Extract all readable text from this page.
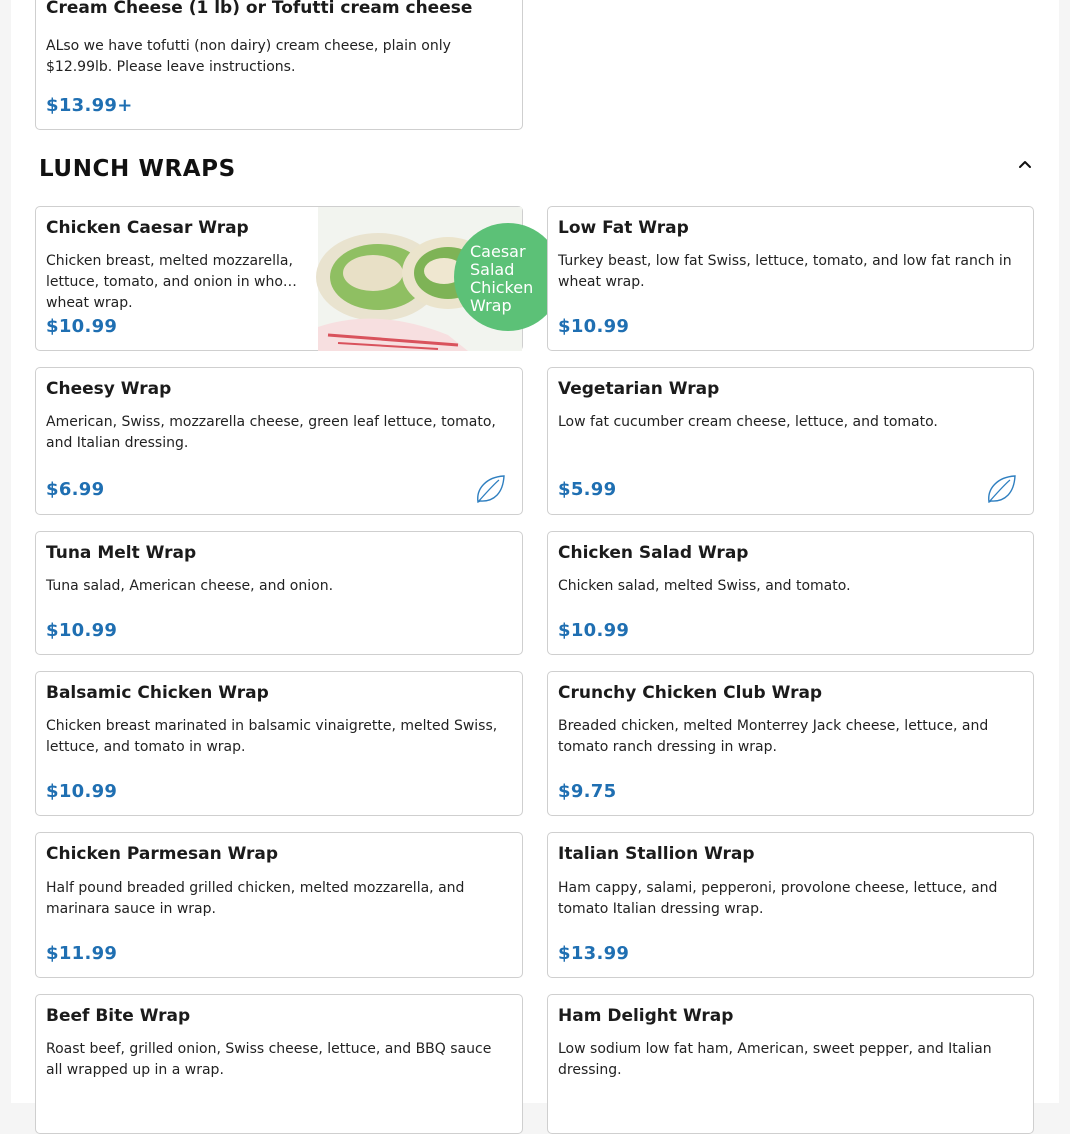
Cream Cheese (1 lb) or Tofutti cream cheese
ALso we have tofutti (non dairy) cream cheese, plain only $12.99lb. Please leave instructions.
$13.99+
LUNCH WRAPS
Chicken Caesar Wrap
Chicken breast, melted mozzarella, lettuce, tomato, and onion in whole wheat wrap.
$10.99
Caesar
Salad
Chicken
Wrap
Low Fat Wrap
Turkey beast, low fat Swiss, lettuce, tomato, and low fat ranch in wheat wrap.
$10.99
Cheesy Wrap
American, Swiss, mozzarella cheese, green leaf lettuce, tomato, and Italian dressing.
$6.99
Vegetarian Wrap
Low fat cucumber cream cheese, lettuce, and tomato.
$5.99
Tuna Melt Wrap
Tuna salad, American cheese, and onion.
$10.99
Chicken Salad Wrap
Chicken salad, melted Swiss, and tomato.
$10.99
Balsamic Chicken Wrap
Chicken breast marinated in balsamic vinaigrette, melted Swiss, lettuce, and tomato in wrap.
$10.99
Crunchy Chicken Club Wrap
Breaded chicken, melted Monterrey Jack cheese, lettuce, and tomato ranch dressing in wrap.
$9.75
Chicken Parmesan Wrap
Half pound breaded grilled chicken, melted mozzarella, and marinara sauce in wrap.
$11.99
Italian Stallion Wrap
Ham cappy, salami, pepperoni, provolone cheese, lettuce, and tomato Italian dressing wrap.
$13.99
Beef Bite Wrap
Roast beef, grilled onion, Swiss cheese, lettuce, and BBQ sauce all wrapped up in a wrap.
Ham Delight Wrap
Low sodium low fat ham, American, sweet pepper, and Italian dressing.
